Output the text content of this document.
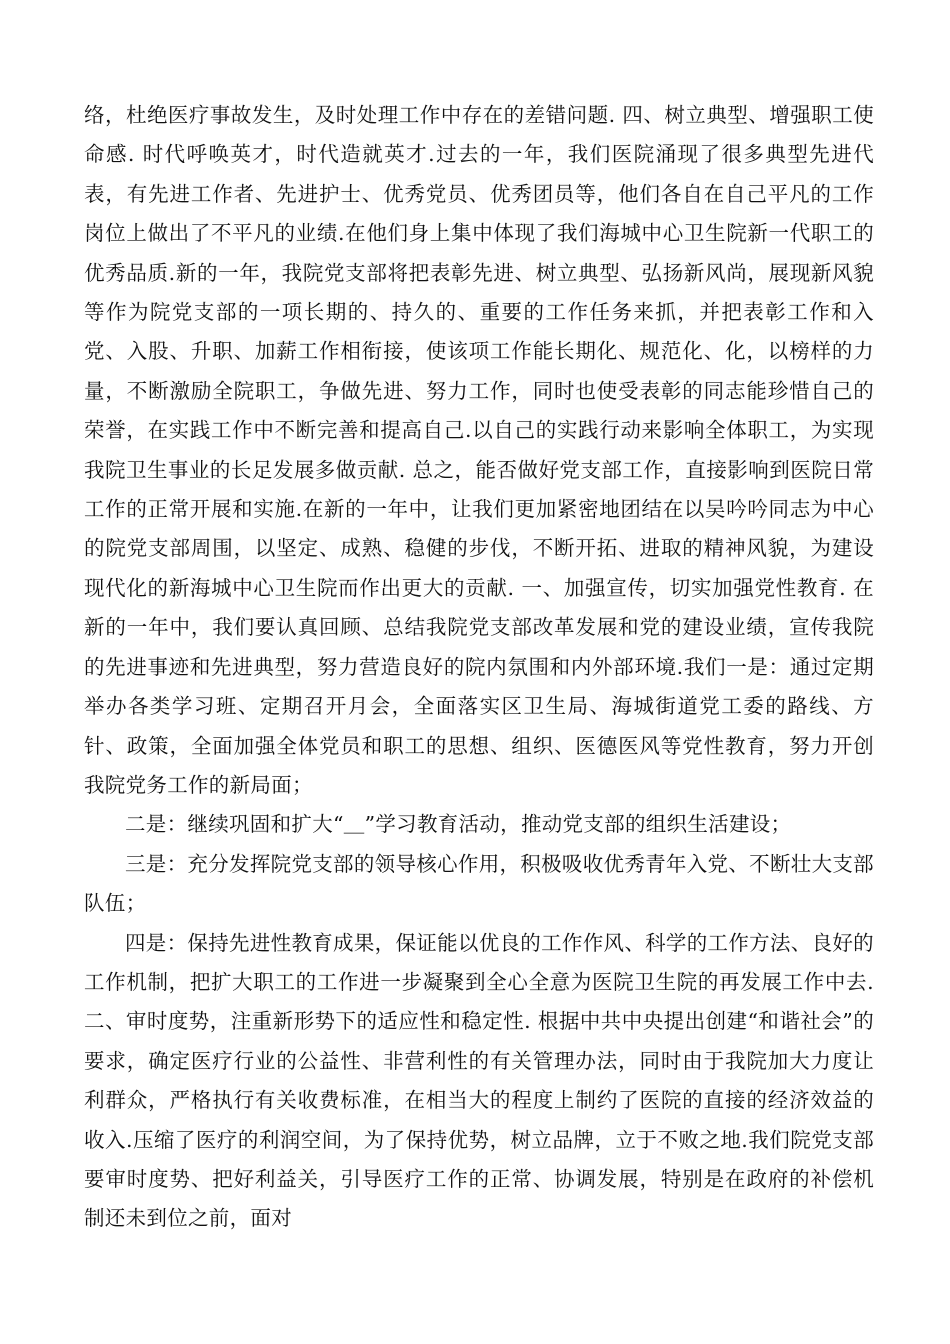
络，杜绝医疗事故发生，及时处理工作中存在的差错问题. 四、树立典型、增强职工使命感. 时代呼唤英才，时代造就英才.过去的一年，我们医院涌现了很多典型先进代表，有先进工作者、先进护士、优秀党员、优秀团员等，他们各自在自己平凡的工作岗位上做出了不平凡的业绩.在他们身上集中体现了我们海城中心卫生院新一代职工的优秀品质.新的一年，我院党支部将把表彰先进、树立典型、弘扬新风尚，展现新风貌等作为院党支部的一项长期的、持久的、重要的工作任务来抓，并把表彰工作和入党、入股、升职、加薪工作相衔接，使该项工作能长期化、规范化、化，以榜样的力量，不断激励全院职工，争做先进、努力工作，同时也使受表彰的同志能珍惜自己的荣誉，在实践工作中不断完善和提高自己.以自己的实践行动来影响全体职工，为实现我院卫生事业的长足发展多做贡献. 总之，能否做好党支部工作，直接影响到医院日常工作的正常开展和实施.在新的一年中，让我们更加紧密地团结在以吴吟吟同志为中心的院党支部周围，以坚定、成熟、稳健的步伐，不断开拓、进取的精神风貌，为建设现代化的新海城中心卫生院而作出更大的贡献. 一、加强宣传，切实加强党性教育. 在新的一年中，我们要认真回顾、总结我院党支部改革发展和党的建设业绩，宣传我院的先进事迹和先进典型，努力营造良好的院内氛围和内外部环境.我们一是：通过定期举办各类学习班、定期召开月会，全面落实区卫生局、海城街道党工委的路线、方针、政策，全面加强全体党员和职工的思想、组织、医德医风等党性教育，努力开创我院党务工作的新局面；

二是：继续巩固和扩大“＿”学习教育活动，推动党支部的组织生活建设；

三是：充分发挥院党支部的领导核心作用，积极吸收优秀青年入党、不断壮大支部队伍；

四是：保持先进性教育成果，保证能以优良的工作作风、科学的工作方法、良好的工作机制，把扩大职工的工作进一步凝聚到全心全意为医院卫生院的再发展工作中去. 二、审时度势，注重新形势下的适应性和稳定性. 根据中共中央提出创建“和谐社会”的要求，确定医疗行业的公益性、非营利性的有关管理办法，同时由于我院加大力度让利群众，严格执行有关收费标准，在相当大的程度上制约了医院的直接的经济效益的收入.压缩了医疗的利润空间，为了保持优势，树立品牌，立于不败之地.我们院党支部要审时度势、把好利益关，引导医疗工作的正常、协调发展，特别是在政府的补偿机制还未到位之前，面对
